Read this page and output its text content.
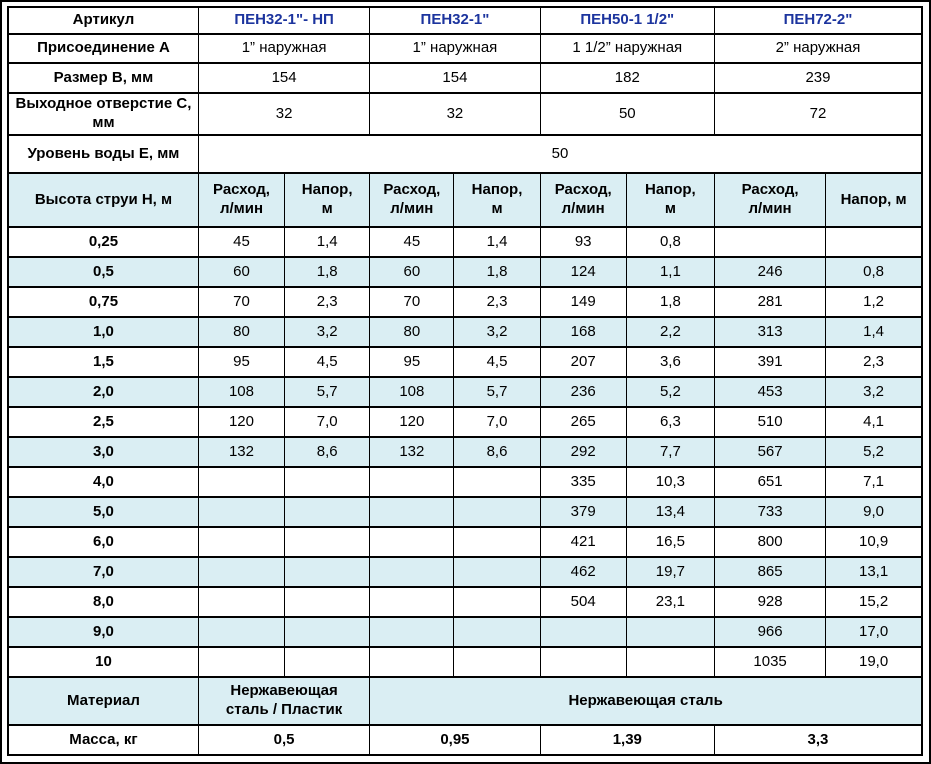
Артикул	ПЕН32-1"- НП		ПЕН32-1"		ПЕН50-1 1/2"		ПЕН72-2"	
Присоединение А	1” наружная		1” наружная		1 1/2” наружная		2” наружная	
Размер В, мм	154		154		182		239	
Выходное отверстие С, мм	32		32		50		72	
Уровень воды Е, мм	50							
Высота струи Н, м	Расход, л/мин	Напор, м	Расход, л/мин	Напор, м	Расход, л/мин	Напор, м	Расход, л/мин	Напор, м
0,25	45	1,4	45	1,4	93	0,8		
0,5	60	1,8	60	1,8	124	1,1	246	0,8
0,75	70	2,3	70	2,3	149	1,8	281	1,2
1,0	80	3,2	80	3,2	168	2,2	313	1,4
1,5	95	4,5	95	4,5	207	3,6	391	2,3
2,0	108	5,7	108	5,7	236	5,2	453	3,2
2,5	120	7,0	120	7,0	265	6,3	510	4,1
3,0	132	8,6	132	8,6	292	7,7	567	5,2
4,0					335	10,3	651	7,1
5,0					379	13,4	733	9,0
6,0					421	16,5	800	10,9
7,0					462	19,7	865	13,1
8,0					504	23,1	928	15,2
9,0							966	17,0
10							1035	19,0
Материал	Нержавеющая сталь / Пластик		Нержавеющая сталь					
Масса, кг	0,5		0,95		1,39		3,3	
